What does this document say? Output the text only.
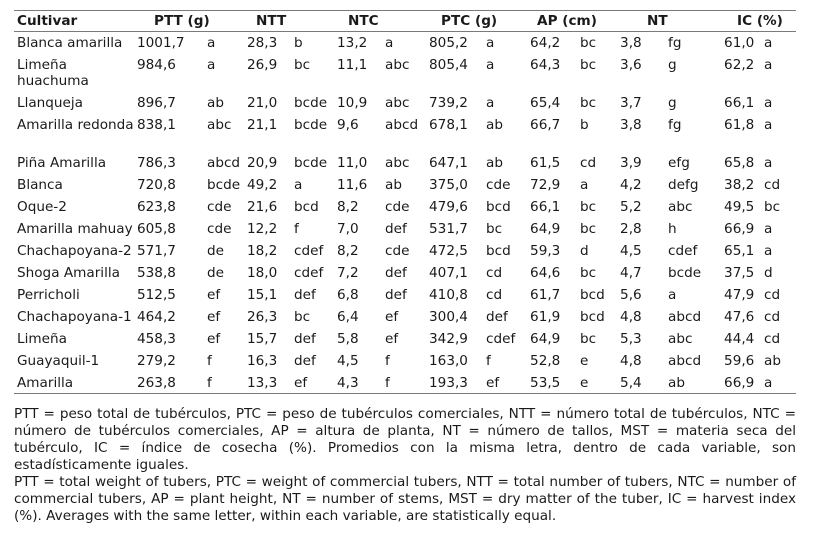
Cultivar	PTT (g)		NTT		NTC		PTC (g)		AP (cm)		NT		IC (%)	
Blanca amarilla	1001,7	a	28,3	b	13,2	a	805,2	a	64,2	bc	3,8	fg	61,0	a
Limeña huachuma	984,6	a	26,9	bc	11,1	abc	805,4	a	64,3	bc	3,6	g	62,2	a
Llanqueja	896,7	ab	21,0	bcde	10,9	abc	739,2	a	65,4	bc	3,7	g	66,1	a
Amarilla redonda	838,1	abc	21,1	bcde	9,6	abcd	678,1	ab	66,7	b	3,8	fg	61,8	a
Piña Amarilla	786,3	abcd	20,9	bcde	11,0	abc	647,1	ab	61,5	cd	3,9	efg	65,8	a
Blanca	720,8	bcde	49,2	a	11,6	ab	375,0	cde	72,9	a	4,2	defg	38,2	cd
Oque-2	623,8	cde	21,6	bcd	8,2	cde	479,6	bcd	66,1	bc	5,2	abc	49,5	bc
Amarilla mahuay	605,8	cde	12,2	f	7,0	def	531,7	bc	64,9	bc	2,8	h	66,9	a
Chachapoyana-2	571,7	de	18,2	cdef	8,2	cde	472,5	bcd	59,3	d	4,5	cdef	65,1	a
Shoga Amarilla	538,8	de	18,0	cdef	7,2	def	407,1	cd	64,6	bc	4,7	bcde	37,5	d
Perricholi	512,5	ef	15,1	def	6,8	def	410,8	cd	61,7	bcd	5,6	a	47,9	cd
Chachapoyana-1	464,2	ef	26,3	bc	6,4	ef	300,4	def	61,9	bcd	4,8	abcd	47,6	cd
Limeña	458,3	ef	15,7	def	5,8	ef	342,9	cdef	64,9	bc	5,3	abc	44,4	cd
Guayaquil-1	279,2	f	16,3	def	4,5	f	163,0	f	52,8	e	4,8	abcd	59,6	ab
Amarilla	263,8	f	13,3	ef	4,3	f	193,3	ef	53,5	e	5,4	ab	66,9	a

PTT = peso total de tubérculos, PTC = peso de tubérculos comerciales, NTT = número total de tubérculos, NTC = número de tubérculos comerciales, AP = altura de planta, NT = número de tallos, MST = materia seca del tubérculo, IC = índice de cosecha (%). Promedios con la misma letra, dentro de cada variable, son estadísticamente iguales.

PTT = total weight of tubers, PTC = weight of commercial tubers, NTT = total number of tubers, NTC = number of commercial tubers, AP = plant height, NT = number of stems, MST = dry matter of the tuber, IC = harvest index (%). Averages with the same letter, within each variable, are statistically equal.
